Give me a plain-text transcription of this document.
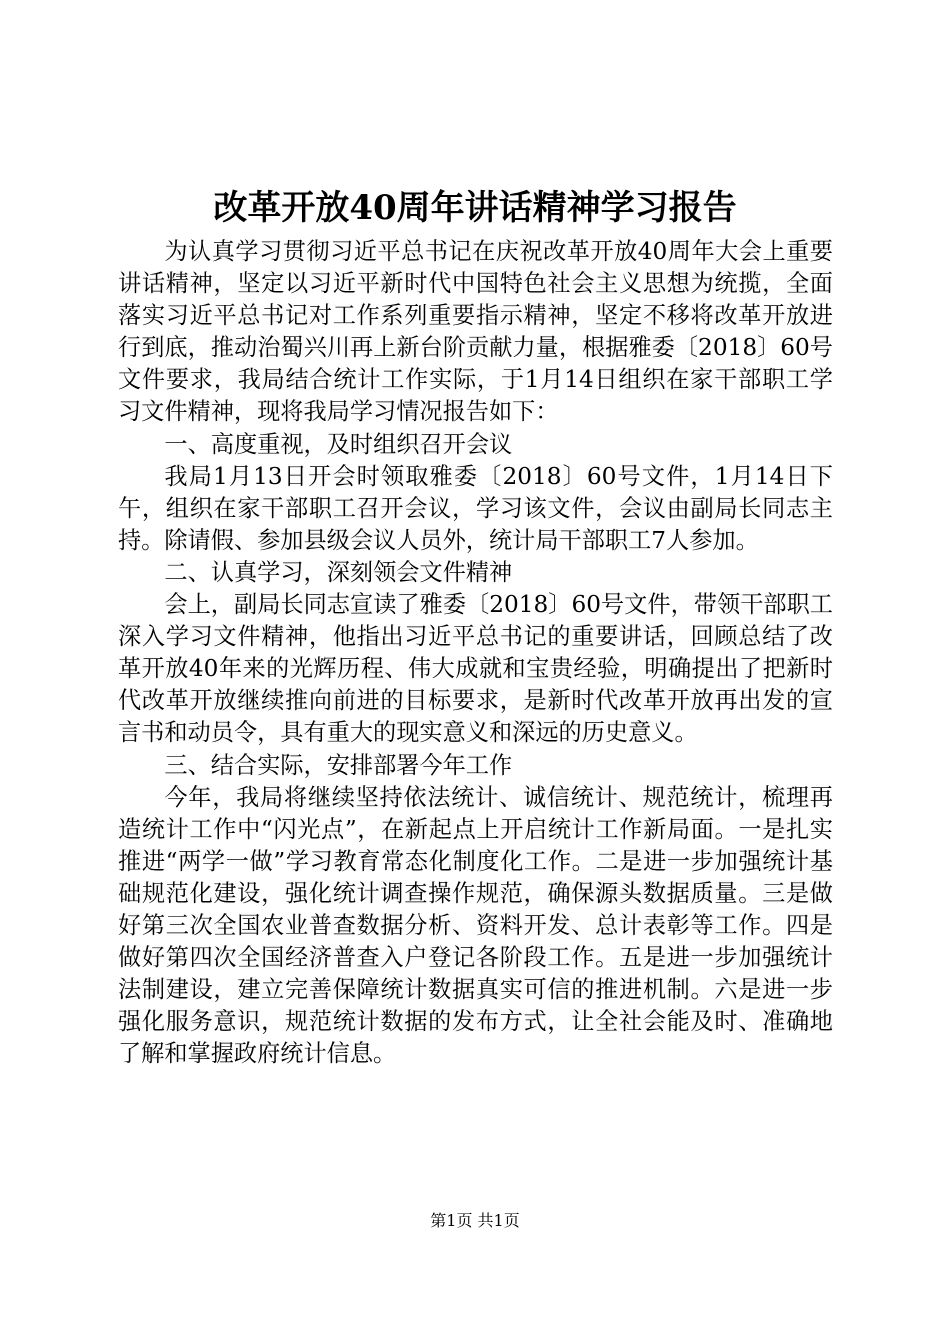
改革开放40周年讲话精神学习报告

为认真学习贯彻习近平总书记在庆祝改革开放40周年大会上重要讲话精神，坚定以习近平新时代中国特色社会主义思想为统揽，全面落实习近平总书记对工作系列重要指示精神，坚定不移将改革开放进行到底，推动治蜀兴川再上新台阶贡献力量，根据雅委〔2018〕60号文件要求，我局结合统计工作实际，于1月14日组织在家干部职工学习文件精神，现将我局学习情况报告如下：

一、高度重视，及时组织召开会议

我局1月13日开会时领取雅委〔2018〕60号文件，1月14日下午，组织在家干部职工召开会议，学习该文件，会议由副局长同志主持。除请假、参加县级会议人员外，统计局干部职工7人参加。

二、认真学习，深刻领会文件精神

会上，副局长同志宣读了雅委〔2018〕60号文件，带领干部职工深入学习文件精神，他指出习近平总书记的重要讲话，回顾总结了改革开放40年来的光辉历程、伟大成就和宝贵经验，明确提出了把新时代改革开放继续推向前进的目标要求，是新时代改革开放再出发的宣言书和动员令，具有重大的现实意义和深远的历史意义。

三、结合实际，安排部署今年工作

今年，我局将继续坚持依法统计、诚信统计、规范统计，梳理再造统计工作中“闪光点”，在新起点上开启统计工作新局面。一是扎实推进“两学一做”学习教育常态化制度化工作。二是进一步加强统计基础规范化建设，强化统计调查操作规范，确保源头数据质量。三是做好第三次全国农业普查数据分析、资料开发、总计表彰等工作。四是做好第四次全国经济普查入户登记各阶段工作。五是进一步加强统计法制建设，建立完善保障统计数据真实可信的推进机制。六是进一步强化服务意识，规范统计数据的发布方式，让全社会能及时、准确地了解和掌握政府统计信息。

第1页 共1页
